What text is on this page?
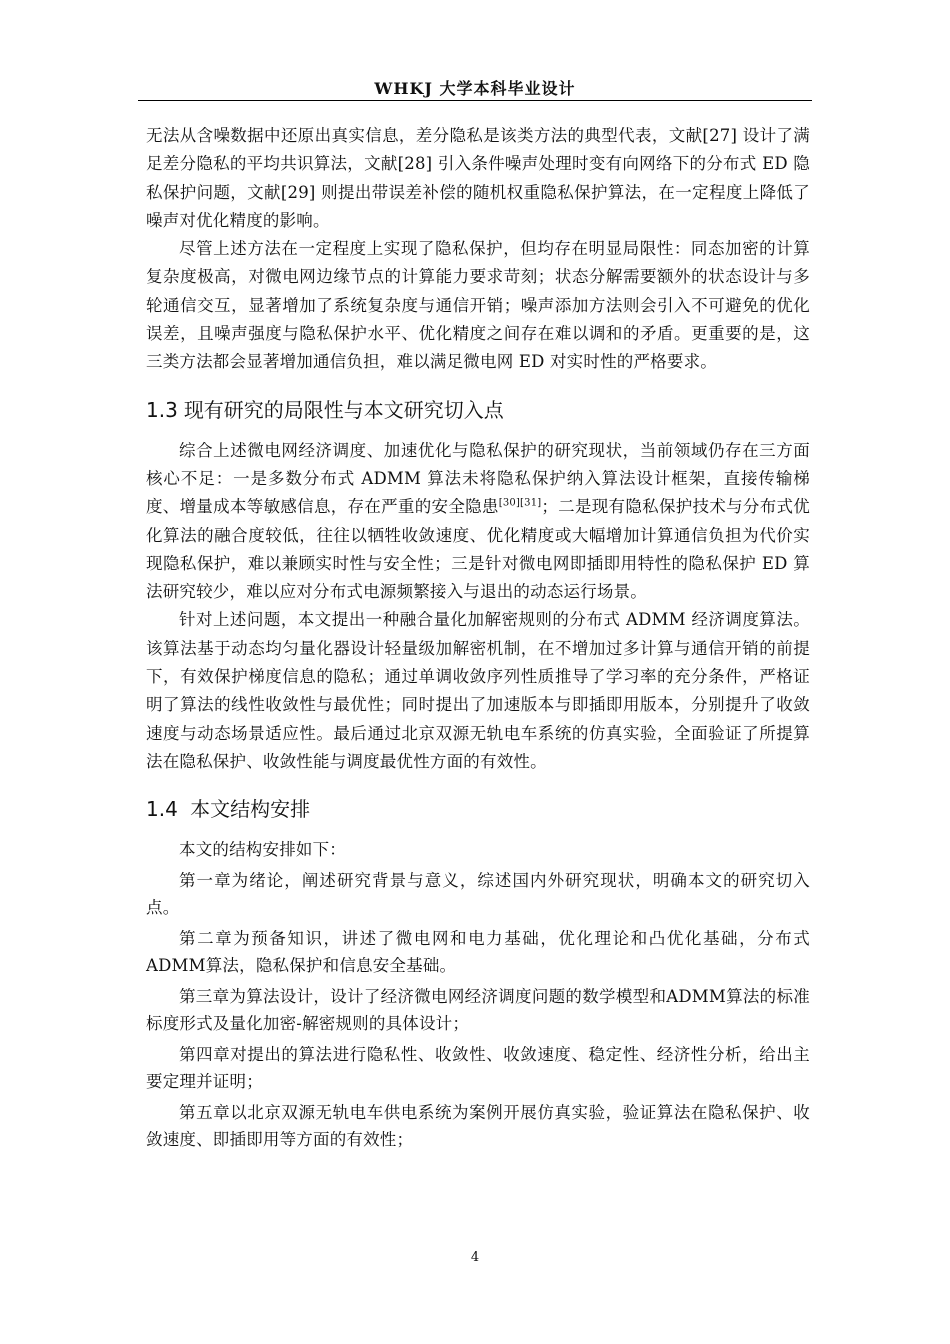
WHKJ 大学本科毕业设计

无法从含噪数据中还原出真实信息，差分隐私是该类方法的典型代表，文献[27] 设计了满足差分隐私的平均共识算法，文献[28] 引入条件噪声处理时变有向网络下的分布式 ED 隐私保护问题，文献[29] 则提出带误差补偿的随机权重隐私保护算法，在一定程度上降低了噪声对优化精度的影响。

尽管上述方法在一定程度上实现了隐私保护，但均存在明显局限性：同态加密的计算复杂度极高，对微电网边缘节点的计算能力要求苛刻；状态分解需要额外的状态设计与多轮通信交互，显著增加了系统复杂度与通信开销；噪声添加方法则会引入不可避免的优化误差，且噪声强度与隐私保护水平、优化精度之间存在难以调和的矛盾。更重要的是，这三类方法都会显著增加通信负担，难以满足微电网 ED 对实时性的严格要求。

1.3 现有研究的局限性与本文研究切入点

综合上述微电网经济调度、加速优化与隐私保护的研究现状，当前领域仍存在三方面核心不足：一是多数分布式 ADMM 算法未将隐私保护纳入算法设计框架，直接传输梯度、增量成本等敏感信息，存在严重的安全隐患[30][31]；二是现有隐私保护技术与分布式优化算法的融合度较低，往往以牺牲收敛速度、优化精度或大幅增加计算通信负担为代价实现隐私保护，难以兼顾实时性与安全性；三是针对微电网即插即用特性的隐私保护 ED 算法研究较少，难以应对分布式电源频繁接入与退出的动态运行场景。

针对上述问题，本文提出一种融合量化加解密规则的分布式 ADMM 经济调度算法。该算法基于动态均匀量化器设计轻量级加解密机制，在不增加过多计算与通信开销的前提下，有效保护梯度信息的隐私；通过单调收敛序列性质推导了学习率的充分条件，严格证明了算法的线性收敛性与最优性；同时提出了加速版本与即插即用版本，分别提升了收敛速度与动态场景适应性。最后通过北京双源无轨电车系统的仿真实验，全面验证了所提算法在隐私保护、收敛性能与调度最优性方面的有效性。

1.4 本文结构安排

本文的结构安排如下：

第一章为绪论，阐述研究背景与意义，综述国内外研究现状，明确本文的研究切入点。

第二章为预备知识，讲述了微电网和电力基础，优化理论和凸优化基础，分布式ADMM算法，隐私保护和信息安全基础。

第三章为算法设计，设计了经济微电网经济调度问题的数学模型和ADMM算法的标准标度形式及量化加密-解密规则的具体设计；

第四章对提出的算法进行隐私性、收敛性、收敛速度、稳定性、经济性分析，给出主要定理并证明；

第五章以北京双源无轨电车供电系统为案例开展仿真实验，验证算法在隐私保护、收敛速度、即插即用等方面的有效性；

4
